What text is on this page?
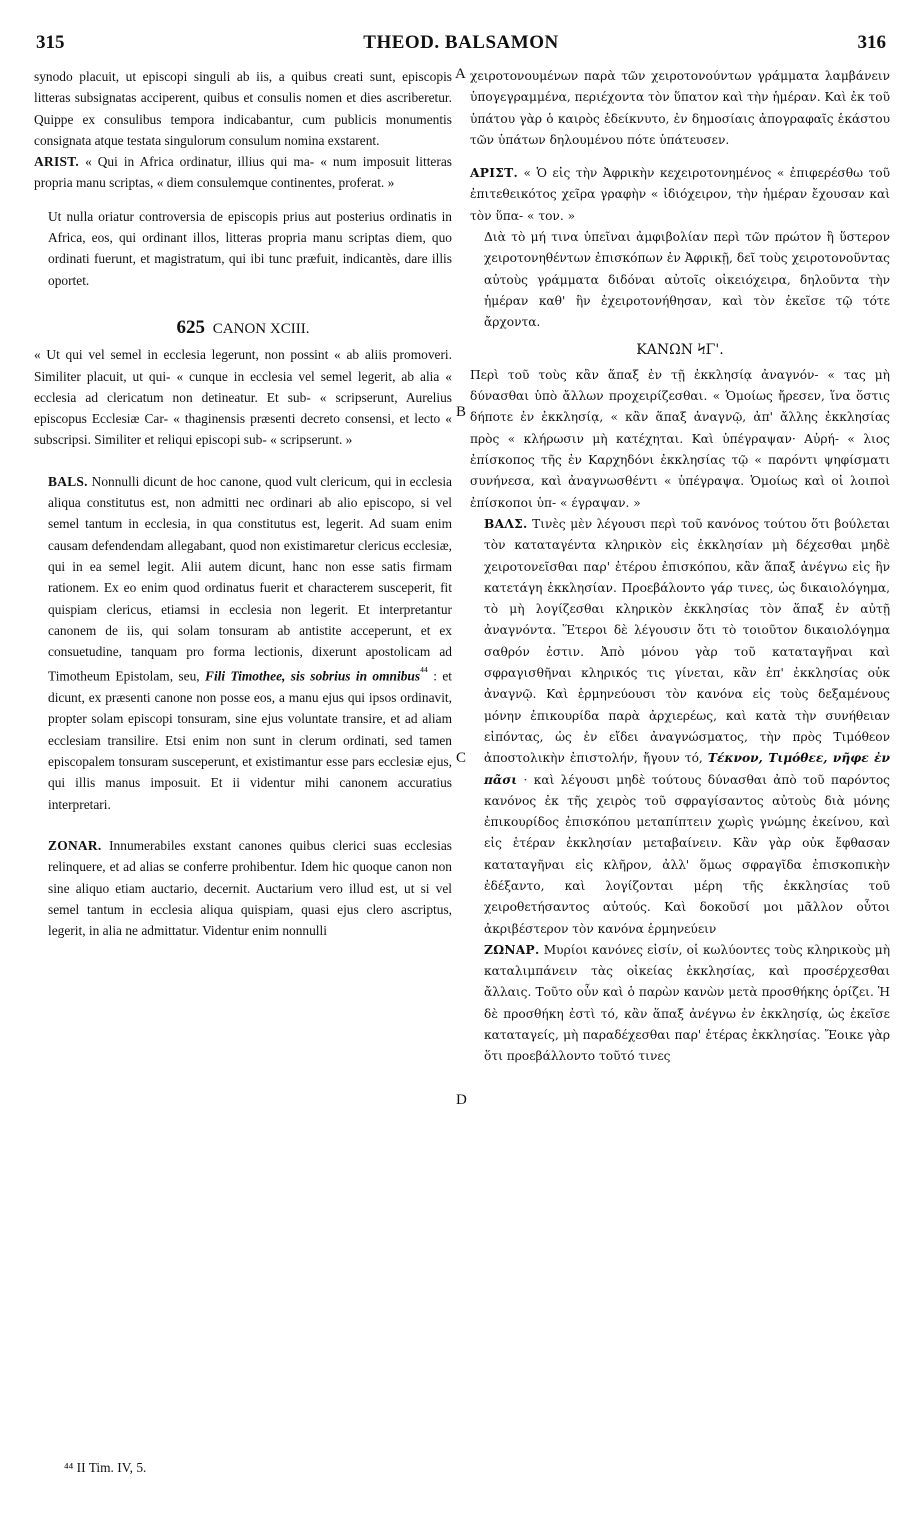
315	THEOD. BALSAMON	316

synodo placuit, ut episcopi singuli ab iis, a quibus creati sunt, episcopis litteras subsignatas acciperent, quibus et consulis nomen et dies ascriberetur. Quippe ex consulibus tempora indicabantur, cum publicis monumentis consignata atque testata singulorum consulum nomina exstarent.

ARIST. « Qui in Africa ordinatur, illius qui ma- « num imposuit litteras propria manu scriptas, « diem consulemque continentes, proferat. »

Ut nulla oriatur controversia de episcopis prius aut posterius ordinatis in Africa, eos, qui ordinant illos, litteras propria manu scriptas diem, quo ordinati fuerunt, et magistratum, qui ibi tunc præfuit, indicantès, dare illis oportet.

625 CANON XCIII.

« Ut qui vel semel in ecclesia legerunt, non possint « ab aliis promoveri. Similiter placuit, ut qui- « cunque in ecclesia vel semel legerit, ab alia « ecclesia ad clericatum non detineatur. Et sub- « scripserunt, Aurelius episcopus Ecclesiæ Car- « thaginensis præsenti decreto consensi, et lecto « subscripsi. Similiter et reliqui episcopi sub- « scripserunt. »

BALS. Nonnulli dicunt de hoc canone, quod vult clericum, qui in ecclesia aliqua constitutus est, non admitti nec ordinari ab alio episcopo, si vel semel tantum in ecclesia, in qua constitutus est, legerit. Ad suam enim causam defendendam allegabant, quod non existimaretur clericus ecclesiæ, qui in ea semel legit. Alii autem dicunt, hanc non esse satis firmam rationem. Ex eo enim quod ordinatus fuerit et characterem susceperit, fit quispiam clericus, etiamsi in ecclesia non legerit. Et interpretantur canonem de iis, qui solam tonsuram ab antistite acceperunt, et ex consuetudine, tanquam pro forma lectionis, dixerunt apostolicam ad Timotheum Epistolam, seu, Fili Timothee, sis sobrius in omnibus$^{^{44}}$ : et dicunt, ex præsenti canone non posse eos, a manu ejus qui ipsos ordinavit, propter solam episcopi tonsuram, sine ejus voluntate transire, et ad aliam ecclesiam transilire. Etsi enim non sunt in clerum ordinati, sed tamen episcopalem tonsuram susceperunt, et existimantur esse pars ecclesiæ ejus, qui illis manus imposuit. Et ii videntur mihi canonem accuratius interpretari.

ZONAR. Innumerabiles exstant canones quibus clerici suas ecclesias relinquere, et ad alias se conferre prohibentur. Idem hic quoque canon non sine aliquo etiam auctario, decernit. Auctarium vero illud est, ut si vel semel tantum in ecclesia aliqua quispiam, quasi ejus clero ascriptus, legerit, in alia ne admittatur. Videntur enim nonnulli

χειροτονουμένων παρὰ τῶν χειροτονούντων γράμματα λαμβάνειν ὑπογεγραμμένα, περιέχοντα τὸν ὕπατον καὶ τὴν ἡμέραν. Καὶ ἐκ τοῦ ὑπάτου γὰρ ὁ καιρὸς ἐδείκνυτο, ἐν δημοσίαις ἀπογραφαῖς ἑκάστου τῶν ὑπάτων δηλουμένου πότε ὑπάτευσεν.

ΑΡΙΣΤ. « Ὁ εἰς τὴν Ἀφρικὴν κεχειροτονημένος « ἐπιφερέσθω τοῦ ἐπιτεθεικότος χεῖρα γραφὴν « ἰδιόχειρον, τὴν ἡμέραν ἔχουσαν καὶ τὸν ὕπα- « τον. »

Διὰ τὸ μή τινα ὑπεῖναι ἀμφιβολίαν περὶ τῶν πρώτον ἢ ὕστερον χειροτονηθέντων ἐπισκόπων ἐν Ἀφρικῇ, δεῖ τοὺς χειροτονοῦντας αὐτοὺς γράμματα διδόναι αὐτοῖς οἰκειόχειρα, δηλοῦντα τὴν ἡμέραν καθ' ἣν ἐχειροτονήθησαν, καὶ τὸν ἐκεῖσε τῷ τότε ἄρχοντα.

ΚΑΝΩΝ ϞΓ'.

Περὶ τοῦ τοὺς κἂν ἅπαξ ἐν τῇ ἐκκλησίᾳ ἀναγνόν- « τας μὴ δύνασθαι ὑπὸ ἄλλων προχειρίζεσθαι. « Ὁμοίως ἤρεσεν, ἵνα ὅστις δήποτε ἐν ἐκκλησίᾳ, « κἂν ἅπαξ ἀναγνῷ, ἀπ' ἄλλης ἐκκλησίας πρὸς « κλήρωσιν μὴ κατέχηται. Καὶ ὑπέγραψαν· Αὐρή- « λιος ἐπίσκοπος τῆς ἐν Καρχηδόνι ἐκκλησίας τῷ « παρόντι ψηφίσματι συνήνεσα, καὶ ἀναγνωσθέντι « ὑπέγραψα. Ὁμοίως καὶ οἱ λοιποὶ ἐπίσκοποι ὑπ- « έγραψαν. »

ΒΑΛΣ. Τινὲς μὲν λέγουσι περὶ τοῦ κανόνος τούτου ὅτι βούλεται τὸν καταταγέντα κληρικὸν εἰς ἐκκλησίαν μὴ δέχεσθαι μηδὲ χειροτονεῖσθαι παρ' ἑτέρου ἐπισκόπου, κἂν ἅπαξ ἀνέγνω εἰς ἣν κατετάγη ἐκκλησίαν. Προεβάλοντο γάρ τινες, ὡς δικαιολόγημα, τὸ μὴ λογίζεσθαι κληρικὸν ἐκκλησίας τὸν ἅπαξ ἐν αὐτῇ ἀναγνόντα. Ἕτεροι δὲ λέγουσιν ὅτι τὸ τοιοῦτον δικαιολόγημα σαθρόν ἐστιν. Ἀπὸ μόνου γὰρ τοῦ καταταγῆναι καὶ σφραγισθῆναι κληρικός τις γίνεται, κἂν ἐπ' ἐκκλησίας οὐκ ἀναγνῷ. Καὶ ἑρμηνεύουσι τὸν κανόνα εἰς τοὺς δεξαμένους μόνην ἐπικουρίδα παρὰ ἀρχιερέως, καὶ κατὰ τὴν συνήθειαν εἰπόντας, ὡς ἐν εἴδει ἀναγνώσματος, τὴν πρὸς Τιμόθεον ἀποστολικὴν ἐπιστολήν, ἤγουν τό, Τέκνον, Τιμόθεε, νῆφε ἐν πᾶσι · καὶ λέγουσι μηδὲ τούτους δύνασθαι ἀπὸ τοῦ παρόντος κανόνος ἐκ τῆς χειρὸς τοῦ σφραγίσαντος αὐτοὺς διὰ μόνης ἐπικουρίδος ἐπισκόπου μεταπίπτειν χωρὶς γνώμης ἐκείνου, καὶ εἰς ἑτέραν ἐκκλησίαν μεταβαίνειν. Κἂν γὰρ οὐκ ἔφθασαν καταταγῆναι εἰς κλῆρον, ἀλλ' ὅμως σφραγῖδα ἐπισκοπικὴν ἐδέξαντο, καὶ λογίζονται μέρη τῆς ἐκκλησίας τοῦ χειροθετήσαντος αὐτούς. Καὶ δοκοῦσί μοι μᾶλλον οὗτοι ἀκριβέστερον τὸν κανόνα ἑρμηνεύειν

ΖΩΝΑΡ. Μυρίοι κανόνες εἰσίν, οἱ κωλύοντες τοὺς κληρικοὺς μὴ καταλιμπάνειν τὰς οἰκείας ἐκκλησίας, καὶ προσέρχεσθαι ἄλλαις. Τοῦτο οὖν καὶ ὁ παρὼν κανὼν μετὰ προσθήκης ὁρίζει. Ἡ δὲ προσθήκη ἐστὶ τό, κἂν ἅπαξ ἀνέγνω ἐν ἐκκλησίᾳ, ὡς ἐκεῖσε καταταγείς, μὴ παραδέχεσθαι παρ' ἑτέρας ἐκκλησίας. Ἔοικε γὰρ ὅτι προεβάλλοντο τοῦτό τινες

A
B
C
D
⁴⁴ II Tim. IV, 5.
